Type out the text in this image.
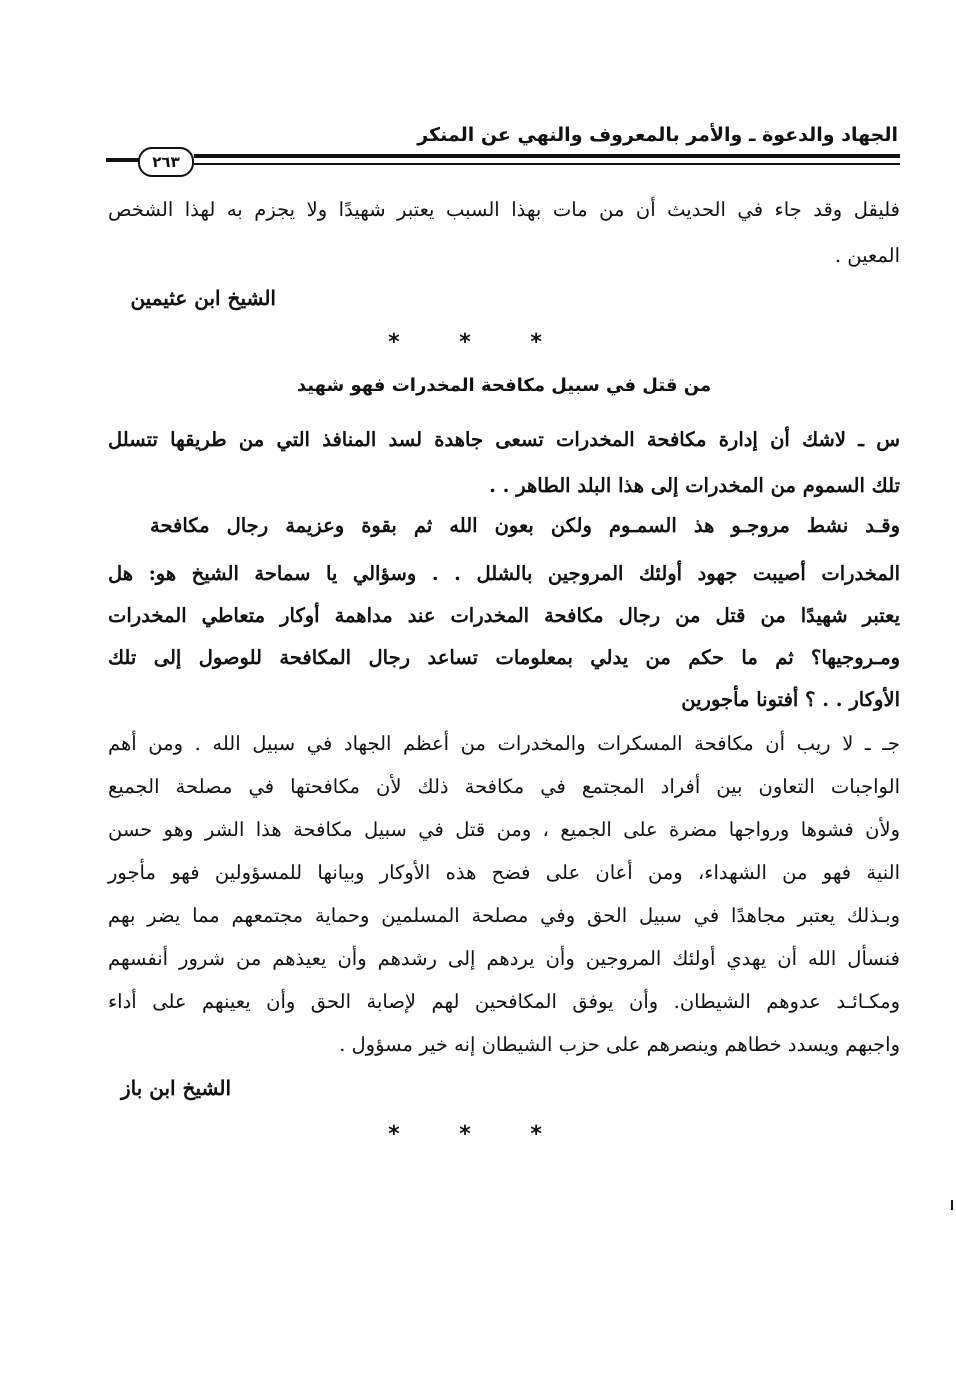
الجهاد والدعوة ـ والأمر بالمعروف والنهي عن المنكر
٢٦٣
فليقل وقد جاء في الحديث أن من مات بهذا السبب يعتبر شهيدًا ولا يجزم به لهذا الشخص
المعين .
الشيخ ابن عثيمين
* * *
من قتل في سبيل مكافحة المخدرات فهو شهيد
س ـ لاشك أن إدارة مكافحة المخدرات تسعى جاهدة لسد المنافذ التي من طريقها تتسلل
تلك السموم من المخدرات إلى هذا البلد الطاهر . .
وقـد نشط مروجـو هذ السمـوم ولكن بعون الله ثم بقوة وعزيمة رجال مكافحة
المخدرات أصيبت جهود أولئك المروجين بالشلل . . وسؤالي يا سماحة الشيخ هو: هل
يعتبر شهيدًا من قتل من رجال مكافحة المخدرات عند مداهمة أوكار متعاطي المخدرات
ومـروجيها؟ ثم ما حكم من يدلي بمعلومات تساعد رجال المكافحة للوصول إلى تلك
الأوكار . . ؟ أفتونا مأجورين
جـ ـ لا ريب أن مكافحة المسكرات والمخدرات من أعظم الجهاد في سبيل الله . ومن أهم
الواجبات التعاون بين أفراد المجتمع في مكافحة ذلك لأن مكافحتها في مصلحة الجميع
ولأن فشوها ورواجها مضرة على الجميع ، ومن قتل في سبيل مكافحة هذا الشر وهو حسن
النية فهو من الشهداء، ومن أعان على فضح هذه الأوكار وبيانها للمسؤولين فهو مأجور
وبـذلك يعتبر مجاهدًا في سبيل الحق وفي مصلحة المسلمين وحماية مجتمعهم مما يضر بهم
فنسأل الله أن يهدي أولئك المروجين وأن يردهم إلى رشدهم وأن يعيذهم من شرور أنفسهم
ومكـائـد عدوهم الشيطان. وأن يوفق المكافحين لهم لإصابة الحق وأن يعينهم على أداء
واجبهم ويسدد خطاهم وينصرهم على حزب الشيطان إنه خير مسؤول .
الشيخ ابن باز
* * *
